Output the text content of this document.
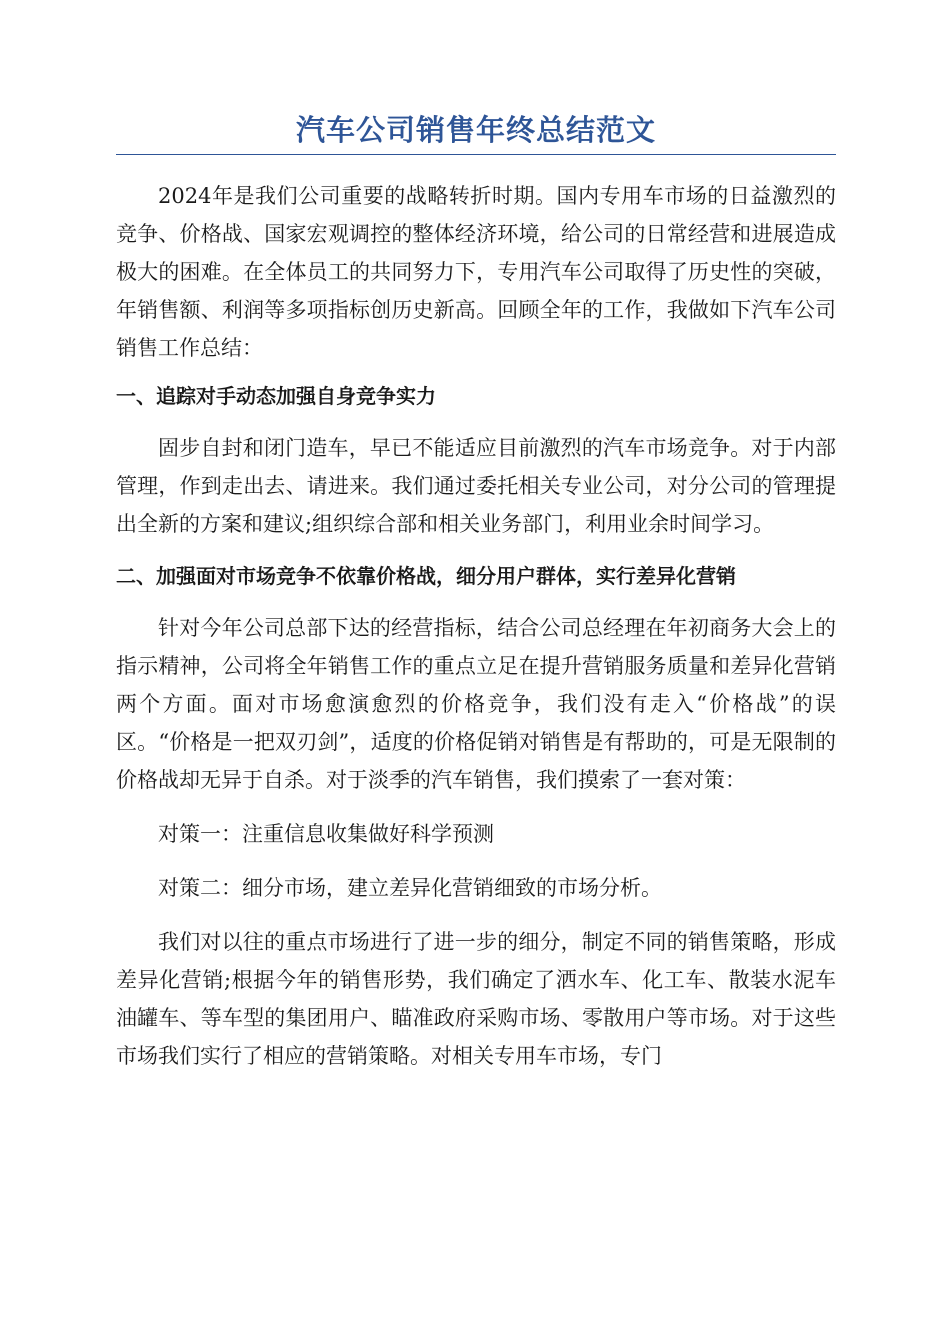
汽车公司销售年终总结范文

2024年是我们公司重要的战略转折时期。国内专用车市场的日益激烈的竞争、价格战、国家宏观调控的整体经济环境，给公司的日常经营和进展造成极大的困难。在全体员工的共同努力下，专用汽车公司取得了历史性的突破，年销售额、利润等多项指标创历史新高。回顾全年的工作，我做如下汽车公司销售工作总结：

一、追踪对手动态加强自身竞争实力

固步自封和闭门造车，早已不能适应目前激烈的汽车市场竞争。对于内部管理，作到走出去、请进来。我们通过委托相关专业公司，对分公司的管理提出全新的方案和建议;组织综合部和相关业务部门，利用业余时间学习。

二、加强面对市场竞争不依靠价格战，细分用户群体，实行差异化营销

针对今年公司总部下达的经营指标，结合公司总经理在年初商务大会上的指示精神，公司将全年销售工作的重点立足在提升营销服务质量和差异化营销两个方面。面对市场愈演愈烈的价格竞争，我们没有走入“价格战”的误区。“价格是一把双刃剑”，适度的价格促销对销售是有帮助的，可是无限制的价格战却无异于自杀。对于淡季的汽车销售，我们摸索了一套对策：

对策一：注重信息收集做好科学预测

对策二：细分市场，建立差异化营销细致的市场分析。

我们对以往的重点市场进行了进一步的细分，制定不同的销售策略，形成差异化营销;根据今年的销售形势，我们确定了洒水车、化工车、散装水泥车油罐车、等车型的集团用户、瞄准政府采购市场、零散用户等市场。对于这些市场我们实行了相应的营销策略。对相关专用车市场，专门
